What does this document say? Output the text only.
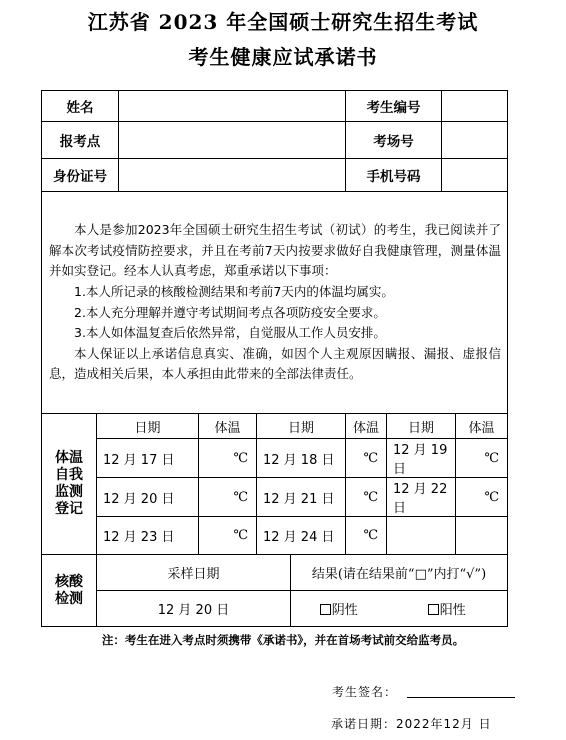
江苏省 2023 年全国硕士研究生招生考试
考生健康应试承诺书
姓名						考生编号			
报考点						考场号			
身份证号						手机号码			

本人是参加2023年全国硕士研究生招生考试（初试）的考生，我已阅读并了解本次考试疫情防控要求，并且在考前7天内按要求做好自我健康管理，测量体温并如实登记。经本人认真考虑，郑重承诺以下事项：

1.本人所记录的核酸检测结果和考前7天内的体温均属实。

2.本人充分理解并遵守考试期间考点各项防疫安全要求。

3.本人如体温复查后依然异常，自觉服从工作人员安排。

本人保证以上承诺信息真实、准确，如因个人主观原因瞒报、漏报、虚报信息，造成相关后果，本人承担由此带来的全部法律责任。									

体温
自我
监测
登记	日期		体温	日期		体温	日期		体温
	12 月 17 日		℃	12 月 18 日		℃	12 月 19 日		℃
	12 月 20 日		℃	12 月 21 日		℃	12 月 22 日		℃
	12 月 23 日		℃	12 月 24 日		℃			

核酸
检测	采样日期				结果(请在结果前“□”内打“√”)				
	12 月 20 日				阴性		阳性		
注：考生在进入考点时须携带《承诺书》，并在首场考试前交给监考员。
考生签名：
承诺日期：2022年12月 日
